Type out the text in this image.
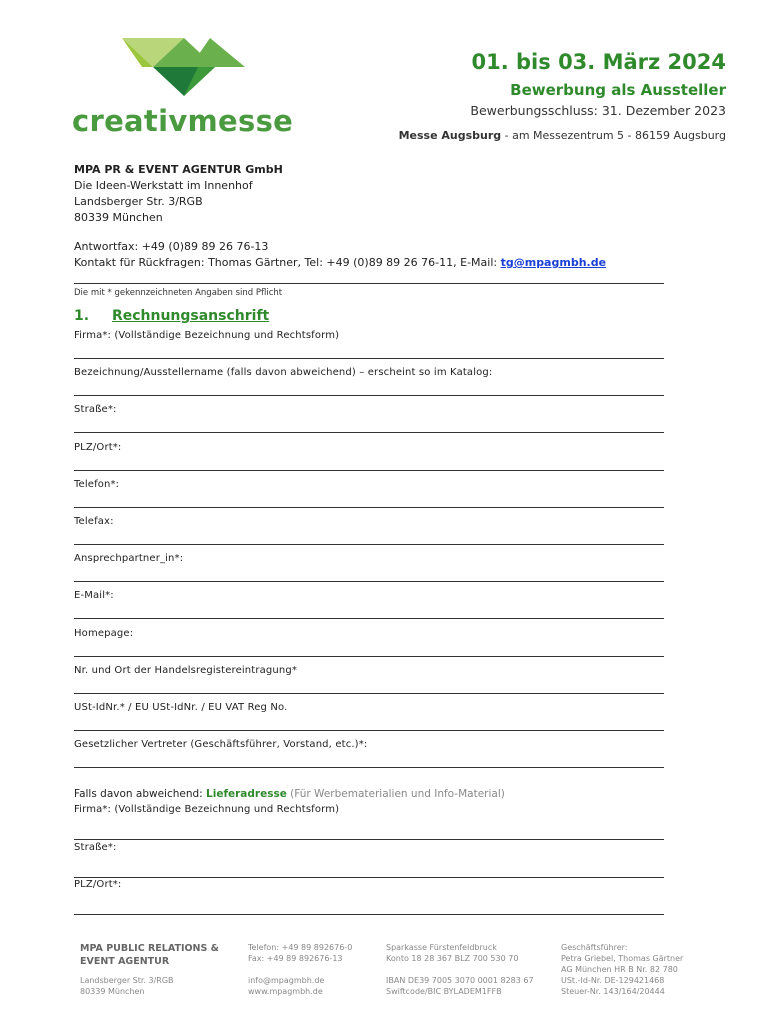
creativmesse
01. bis 03. März 2024
Bewerbung als Aussteller
Bewerbungsschluss: 31. Dezember 2023
Messe Augsburg - am Messezentrum 5 - 86159 Augsburg
MPA PR & EVENT AGENTUR GmbH
Die Ideen-Werkstatt im Innenhof
Landsberger Str. 3/RGB
80339 München
Antwortfax: +49 (0)89 89 26 76-13
Kontakt für Rückfragen: Thomas Gärtner, Tel: +49 (0)89 89 26 76-11, E-Mail: tg@mpagmbh.de
Die mit * gekennzeichneten Angaben sind Pflicht
1. Rechnungsanschrift
Firma*: (Vollständige Bezeichnung und Rechtsform)
Bezeichnung/Ausstellername (falls davon abweichend) – erscheint so im Katalog:
Straße*:
PLZ/Ort*:
Telefon*:
Telefax:
Ansprechpartner_in*:
E-Mail*:
Homepage:
Nr. und Ort der Handelsregistereintragung*
USt-IdNr.* / EU USt-IdNr. / EU VAT Reg No.
Gesetzlicher Vertreter (Geschäftsführer, Vorstand, etc.)*:
Falls davon abweichend: Lieferadresse (Für Werbematerialien und Info-Material)
Firma*: (Vollständige Bezeichnung und Rechtsform)
Straße*:
PLZ/Ort*:
MPA PUBLIC RELATIONS &
EVENT AGENTUR
Landsberger Str. 3/RGB
80339 München
Telefon: +49 89 892676-0
Fax: +49 89 892676-13
info@mpagmbh.de
www.mpagmbh.de
Sparkasse Fürstenfeldbruck
Konto 18 28 367 BLZ 700 530 70
IBAN DE39 7005 3070 0001 8283 67
Swiftcode/BIC BYLADEM1FFB
Geschäftsführer:
Petra Griebel, Thomas Gärtner
AG München HR B Nr. 82 780
USt.-Id-Nr. DE-129421468
Steuer-Nr. 143/164/20444
